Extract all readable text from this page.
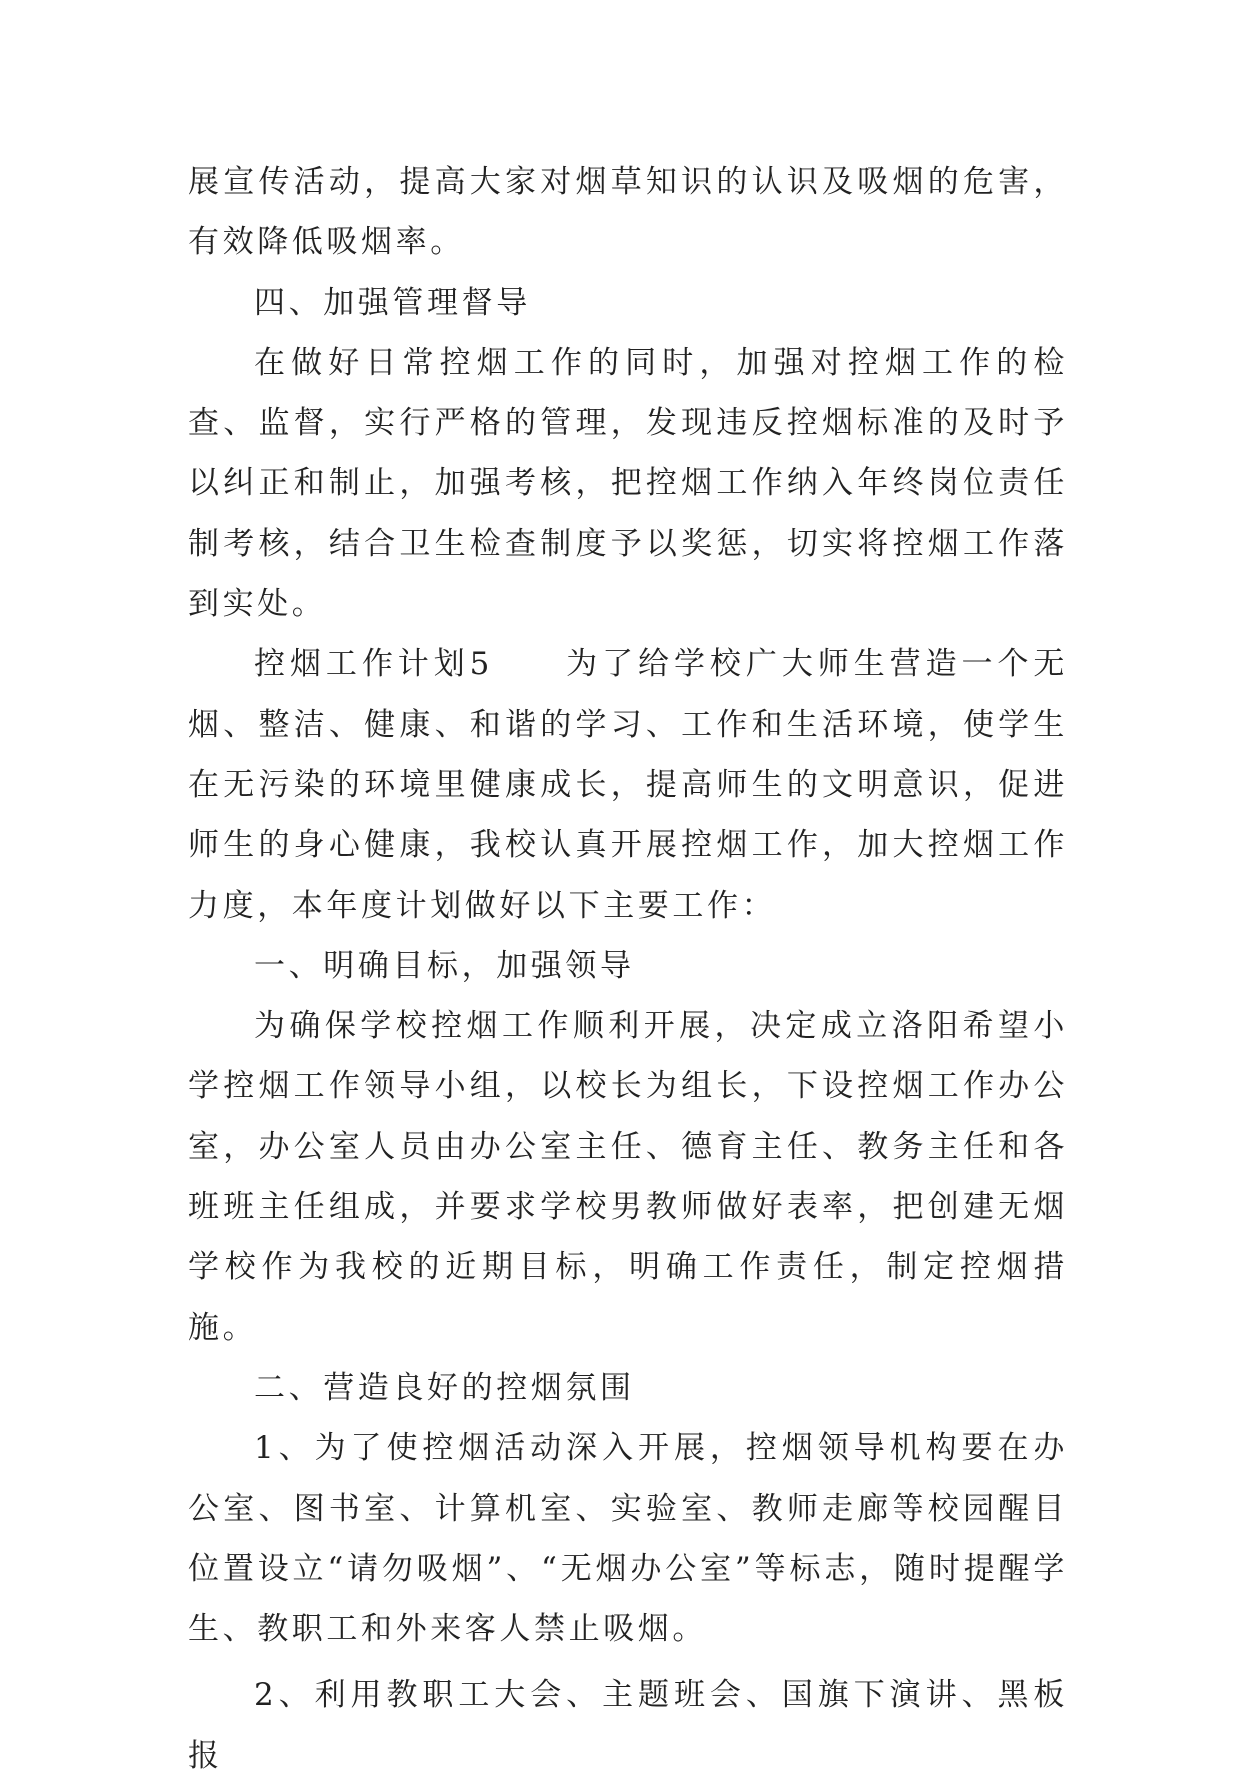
展宣传活动，提高大家对烟草知识的认识及吸烟的危害，有效降低吸烟率。

四、加强管理督导

在做好日常控烟工作的同时，加强对控烟工作的检查、监督，实行严格的管理，发现违反控烟标准的及时予以纠正和制止，加强考核，把控烟工作纳入年终岗位责任制考核，结合卫生检查制度予以奖惩，切实将控烟工作落到实处。

控烟工作计划5　　为了给学校广大师生营造一个无烟、整洁、健康、和谐的学习、工作和生活环境，使学生在无污染的环境里健康成长，提高师生的文明意识，促进师生的身心健康，我校认真开展控烟工作，加大控烟工作力度，本年度计划做好以下主要工作：

一、明确目标，加强领导

为确保学校控烟工作顺利开展，决定成立洛阳希望小学控烟工作领导小组，以校长为组长，下设控烟工作办公室，办公室人员由办公室主任、德育主任、教务主任和各班班主任组成，并要求学校男教师做好表率，把创建无烟学校作为我校的近期目标，明确工作责任，制定控烟措施。

二、营造良好的控烟氛围

1、为了使控烟活动深入开展，控烟领导机构要在办公室、图书室、计算机室、实验室、教师走廊等校园醒目位置设立“请勿吸烟”、“无烟办公室”等标志，随时提醒学生、教职工和外来客人禁止吸烟。

2、利用教职工大会、主题班会、国旗下演讲、黑板报
